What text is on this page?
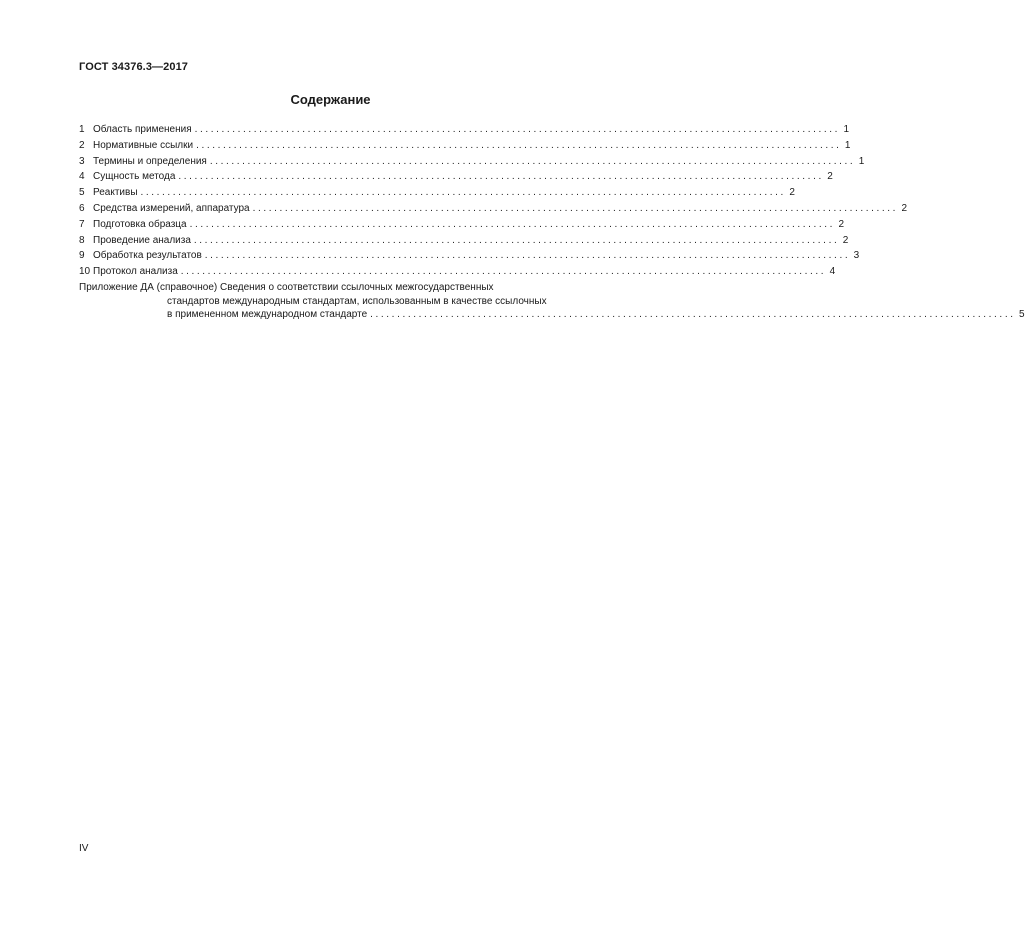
ГОСТ 34376.3—2017
Содержание
1 Область применения ........................................................................................................................ 1
2 Нормативные ссылки ........................................................................................................................ 1
3 Термины и определения ........................................................................................................................ 1
4 Сущность метода ........................................................................................................................ 2
5 Реактивы ........................................................................................................................ 2
6 Средства измерений, аппаратура ........................................................................................................................ 2
7 Подготовка образца ........................................................................................................................ 2
8 Проведение анализа ........................................................................................................................ 2
9 Обработка результатов ........................................................................................................................ 3
10 Протокол анализа ........................................................................................................................ 4
Приложение ДА (справочное) Сведения о соответствии ссылочных межгосударственных
стандартов международным стандартам, использованным в качестве ссылочных
в примененном международном стандарте ........................................................................................................................ 5
IV
